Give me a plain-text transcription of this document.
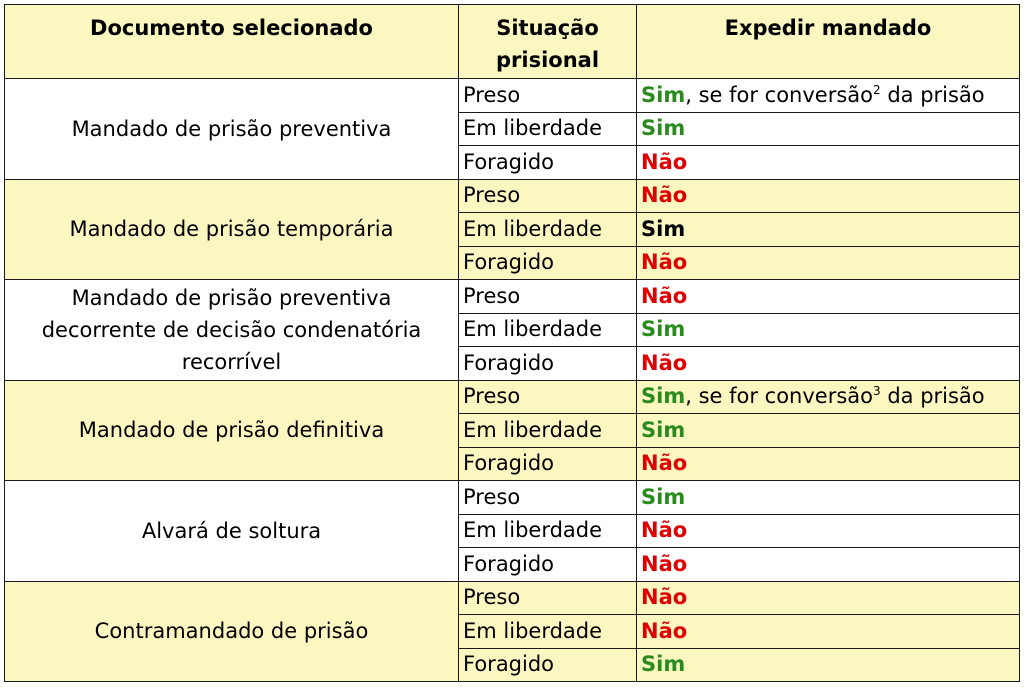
Documento selecionado	Situação prisional	Expedir mandado
Mandado de prisão preventiva	Preso	Sim, se for conversão$^2$ da prisão
	Em liberdade	Sim
	Foragido	Não
Mandado de prisão temporária	Preso	Não
	Em liberdade	Sim
	Foragido	Não
Mandado de prisão preventiva decorrente de decisão condenatória recorrível	Preso	Não
	Em liberdade	Sim
	Foragido	Não
Mandado de prisão definitiva	Preso	Sim, se for conversão$^3$ da prisão
	Em liberdade	Sim
	Foragido	Não
Alvará de soltura	Preso	Sim
	Em liberdade	Não
	Foragido	Não
Contramandado de prisão	Preso	Não
	Em liberdade	Não
	Foragido	Sim
